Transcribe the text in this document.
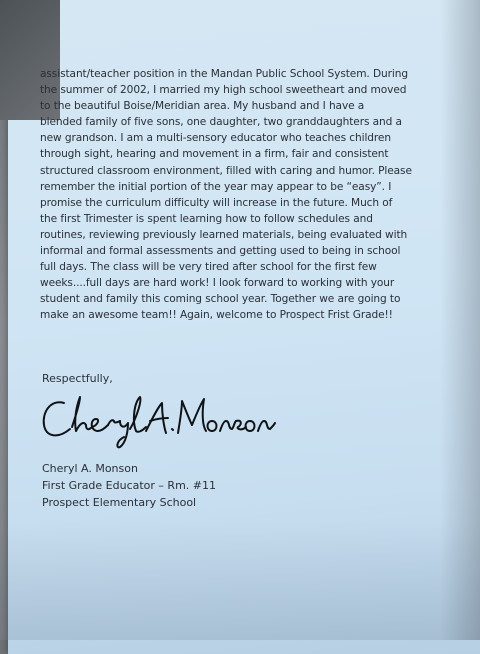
assistant/teacher position in the Mandan Public School System. During
the summer of 2002, I married my high school sweetheart and moved
to the beautiful Boise/Meridian area. My husband and I have a
blended family of five sons, one daughter, two granddaughters and a
new grandson. I am a multi-sensory educator who teaches children
through sight, hearing and movement in a firm, fair and consistent
structured classroom environment, filled with caring and humor. Please
remember the initial portion of the year may appear to be “easy”. I
promise the curriculum difficulty will increase in the future. Much of
the first Trimester is spent learning how to follow schedules and
routines, reviewing previously learned materials, being evaluated with
informal and formal assessments and getting used to being in school
full days. The class will be very tired after school for the first few
weeks....full days are hard work! I look forward to working with your
student and family this coming school year. Together we are going to
make an awesome team!! Again, welcome to Prospect Frist Grade!!

Respectfully,

Cheryl A. Monson
First Grade Educator – Rm. #11
Prospect Elementary School
